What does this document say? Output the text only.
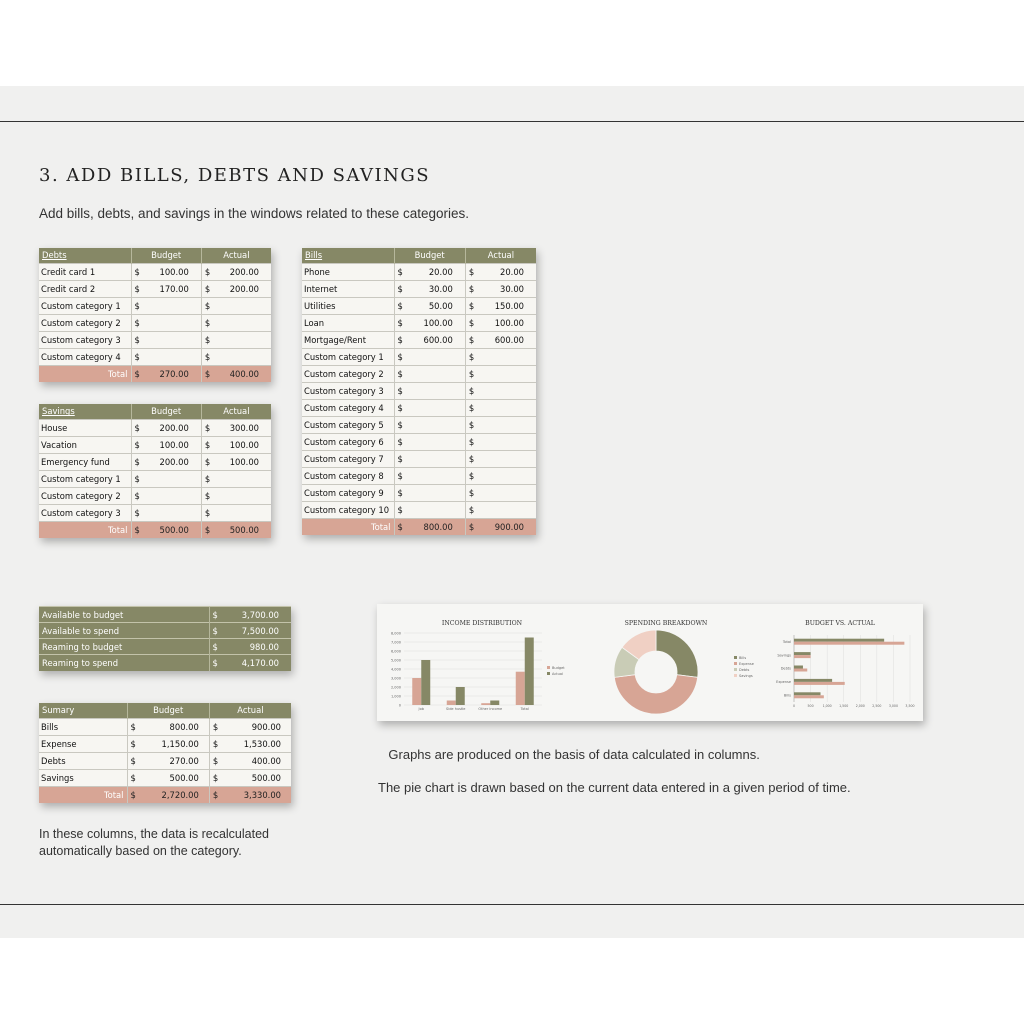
3. ADD BILLS, DEBTS AND SAVINGS
Add bills, debts, and savings in the windows related to these categories.
Debts	Budget		Actual	
Credit card 1	$	100.00	$	200.00
Credit card 2	$	170.00	$	200.00
Custom category 1	$		$	
Custom category 2	$		$	
Custom category 3	$		$	
Custom category 4	$		$	
Total	$	270.00	$	400.00
Savings	Budget		Actual	
House	$	200.00	$	300.00
Vacation	$	100.00	$	100.00
Emergency fund	$	200.00	$	100.00
Custom category 1	$		$	
Custom category 2	$		$	
Custom category 3	$		$	
Total	$	500.00	$	500.00
Bills	Budget		Actual	
Phone	$	20.00	$	20.00
Internet	$	30.00	$	30.00
Utilities	$	50.00	$	150.00
Loan	$	100.00	$	100.00
Mortgage/Rent	$	600.00	$	600.00
Custom category 1	$		$	
Custom category 2	$		$	
Custom category 3	$		$	
Custom category 4	$		$	
Custom category 5	$		$	
Custom category 6	$		$	
Custom category 7	$		$	
Custom category 8	$		$	
Custom category 9	$		$	
Custom category 10	$		$	
Total	$	800.00	$	900.00
Available to budget	$	3,700.00
Available to spend	$	7,500.00
Reaming to budget	$	980.00
Reaming to spend	$	4,170.00
Sumary	Budget		Actual	
Bills	$	800.00	$	900.00
Expense	$	1,150.00	$	1,530.00
Debts	$	270.00	$	400.00
Savings	$	500.00	$	500.00
Total	$	2,720.00	$	3,330.00
INCOME DISTRIBUTION
8,000
7,000
6,000
5,000
4,000
3,000
2,000
1,000
0
Job	Side hustle	Other income	Total
Budget
Actual
SPENDING BREAKDOWN	BUDGET VS. ACTUAL
0	500	1,000 1,500 2,000 2,500 3,000 3,500
Total
Savings
Debts
Expense
Bills
Bills
Expense
Debts
Savings
Graphs are produced on the basis of data calculated in columns.
The pie chart is drawn based on the current data entered in a given period of time.
In these columns, the data is recalculated automatically based on the category.
